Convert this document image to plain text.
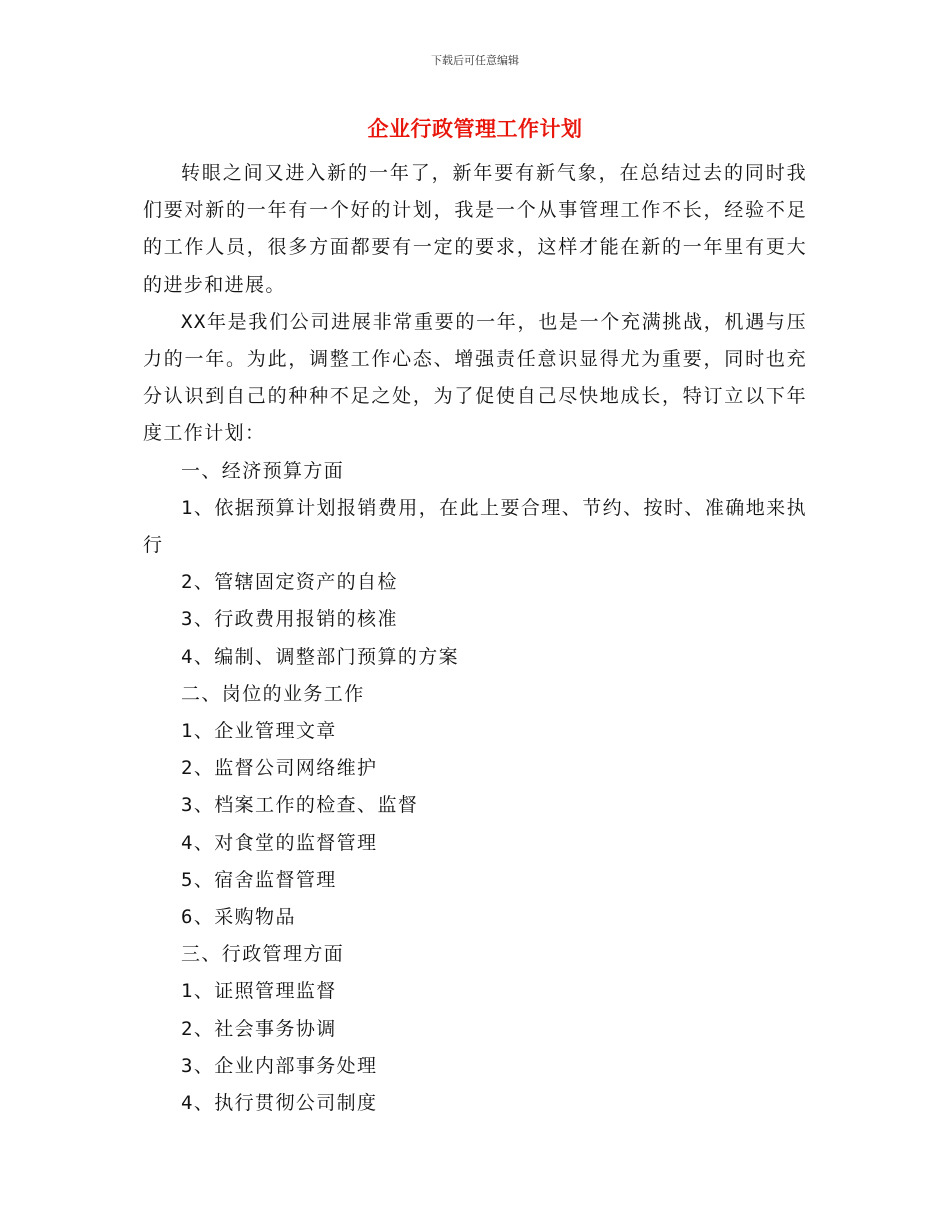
下载后可任意编辑
企业行政管理工作计划

转眼之间又进入新的一年了，新年要有新气象，在总结过去的同时我们要对新的一年有一个好的计划，我是一个从事管理工作不长，经验不足的工作人员，很多方面都要有一定的要求，这样才能在新的一年里有更大的进步和进展。

XX年是我们公司进展非常重要的一年，也是一个充满挑战，机遇与压力的一年。为此，调整工作心态、增强责任意识显得尤为重要，同时也充分认识到自己的种种不足之处，为了促使自己尽快地成长，特订立以下年度工作计划：

一、经济预算方面

1、依据预算计划报销费用，在此上要合理、节约、按时、准确地来执行

2、管辖固定资产的自检

3、行政费用报销的核准

4、编制、调整部门预算的方案

二、岗位的业务工作

1、企业管理文章

2、监督公司网络维护

3、档案工作的检查、监督

4、对食堂的监督管理

5、宿舍监督管理

6、采购物品

三、行政管理方面

1、证照管理监督

2、社会事务协调

3、企业内部事务处理

4、执行贯彻公司制度
